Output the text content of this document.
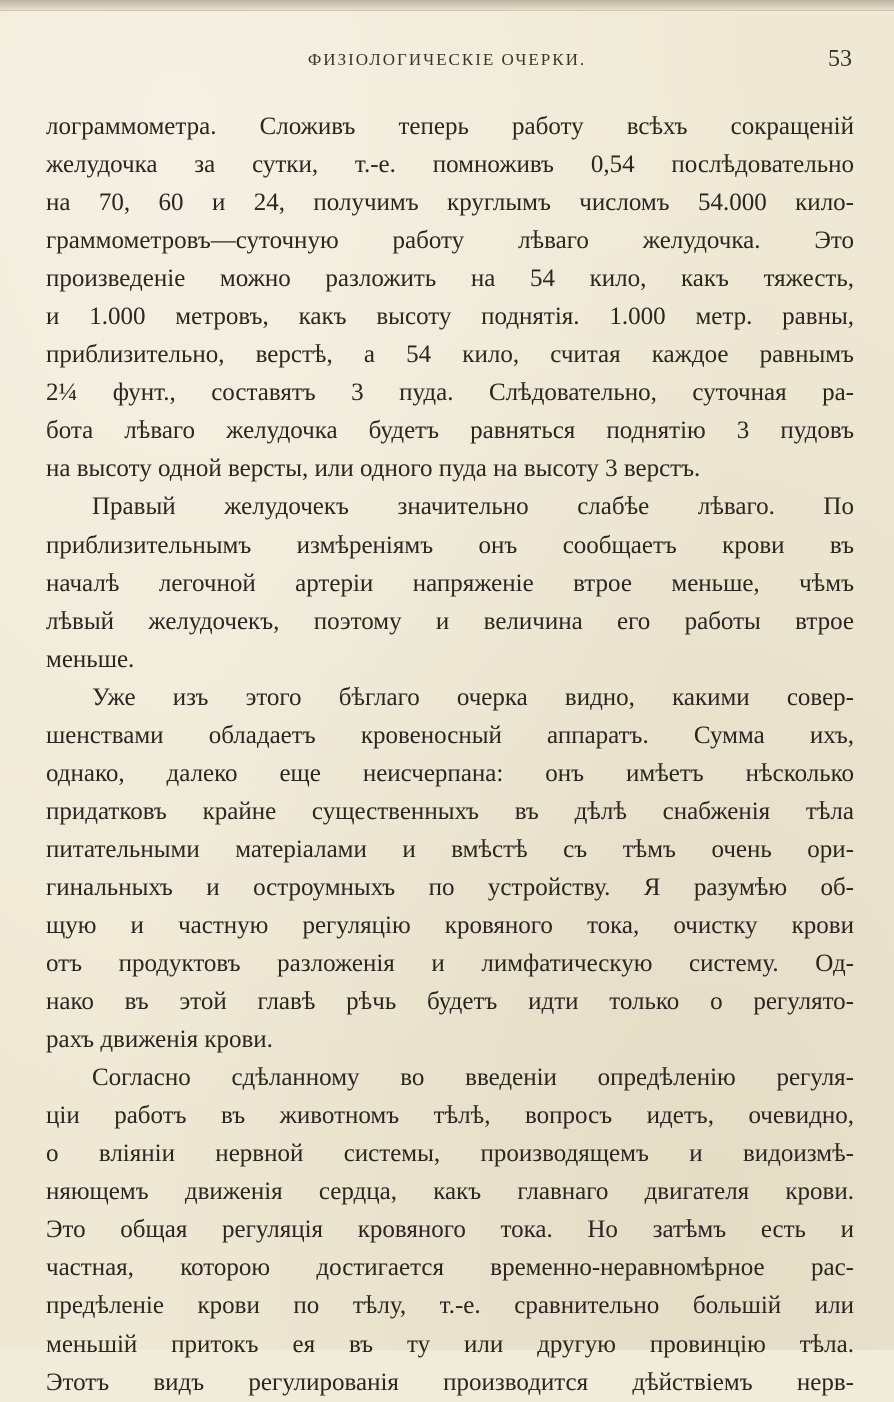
ФИЗIОЛОГИЧЕСКIЕ ОЧЕРКИ.	53
лограммометра. Сложивъ теперь работу всѣхъ сокращенiй
желудочка за сутки, т.-е. помноживъ 0,54 послѣдовательно
на 70, 60 и 24, получимъ круглымъ числомъ 54.000 кило-
граммометровъ—суточную работу лѣваго желудочка. Это
произведенiе можно разложить на 54 кило, какъ тяжесть,
и 1.000 метровъ, какъ высоту поднятiя. 1.000 метр. равны,
приблизительно, верстѣ, а 54 кило, считая каждое равнымъ
2¼ фунт., составятъ 3 пуда. Слѣдовательно, суточная ра-
бота лѣваго желудочка будетъ равняться поднятiю 3 пудовъ
на высоту одной версты, или одного пуда на высоту 3 верстъ.
Правый желудочекъ значительно слабѣе лѣваго. По
приблизительнымъ измѣренiямъ онъ сообщаетъ крови въ
началѣ легочной артерiи напряженiе втрое меньше, чѣмъ
лѣвый желудочекъ, поэтому и величина его работы втрое
меньше.
Уже изъ этого бѣглаго очерка видно, какими совер-
шенствами обладаетъ кровеносный аппаратъ. Сумма ихъ,
однако, далеко еще неисчерпана: онъ имѣетъ нѣсколько
придатковъ крайне существенныхъ въ дѣлѣ снабженiя тѣла
питательными матерiалами и вмѣстѣ съ тѣмъ очень ори-
гинальныхъ и остроумныхъ по устройству. Я разумѣю об-
щую и частную регуляцiю кровяного тока, очистку крови
отъ продуктовъ разложенiя и лимфатическую систему. Од-
нако въ этой главѣ рѣчь будетъ идти только о регулято-
рахъ движенiя крови.
Согласно сдѣланному во введенiи опредѣленiю регуля-
цiи работъ въ животномъ тѣлѣ, вопросъ идетъ, очевидно,
о влiянiи нервной системы, производящемъ и видоизмѣ-
няющемъ движенiя сердца, какъ главнаго двигателя крови.
Это общая регуляцiя кровяного тока. Но затѣмъ есть и
частная, которою достигается временно-неравномѣрное рас-
предѣленiе крови по тѣлу, т.-е. сравнительно большiй или
меньшiй притокъ ея въ ту или другую провинцiю тѣла.
Этотъ видъ регулированiя производится дѣйствiемъ нерв-
